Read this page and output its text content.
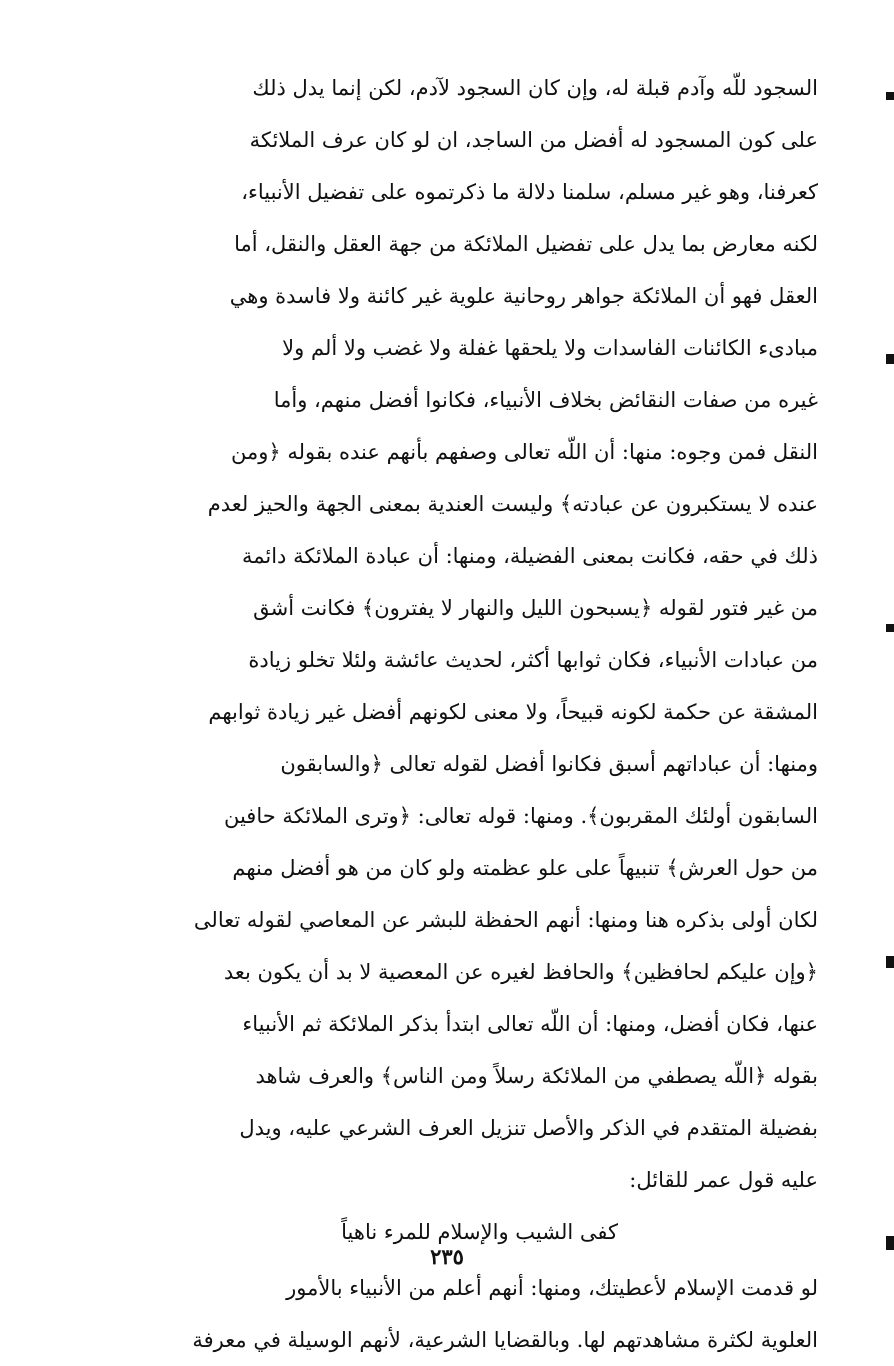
السجود للّه وآدم قبلة له، وإن كان السجود لآدم، لكن إنما يدل ذلك
على كون المسجود له أفضل من الساجد، ان لو كان عرف الملائكة
كعرفنا، وهو غير مسلم، سلمنا دلالة ما ذكرتموه على تفضيل الأنبياء،
لكنه معارض بما يدل على تفضيل الملائكة من جهة العقل والنقل، أما
العقل فهو أن الملائكة جواهر روحانية علوية غير كائنة ولا فاسدة وهي
مبادىء الكائنات الفاسدات ولا يلحقها غفلة ولا غضب ولا ألم ولا
غيره من صفات النقائض بخلاف الأنبياء، فكانوا أفضل منهم، وأما
النقل فمن وجوه: منها: أن اللّه تعالى وصفهم بأنهم عنده بقوله ﴿ومن
عنده لا يستكبرون عن عبادته﴾ وليست العندية بمعنى الجهة والحيز لعدم
ذلك في حقه، فكانت بمعنى الفضيلة، ومنها: أن عبادة الملائكة دائمة
من غير فتور لقوله ﴿يسبحون الليل والنهار لا يفترون﴾ فكانت أشق
من عبادات الأنبياء، فكان ثوابها أكثر، لحديث عائشة ولئلا تخلو زيادة
المشقة عن حكمة لكونه قبيحاً، ولا معنى لكونهم أفضل غير زيادة ثوابهم
ومنها: أن عباداتهم أسبق فكانوا أفضل لقوله تعالى ﴿والسابقون
السابقون أولئك المقربون﴾. ومنها: قوله تعالى: ﴿وترى الملائكة حافين
من حول العرش﴾ تنبيهاً على علو عظمته ولو كان من هو أفضل منهم
لكان أولى بذكره هنا ومنها: أنهم الحفظة للبشر عن المعاصي لقوله تعالى
﴿وإن عليكم لحافظين﴾ والحافظ لغيره عن المعصية لا بد أن يكون بعد
عنها، فكان أفضل، ومنها: أن اللّه تعالى ابتدأ بذكر الملائكة ثم الأنبياء
بقوله ﴿اللّه يصطفي من الملائكة رسلاً ومن الناس﴾ والعرف شاهد
بفضيلة المتقدم في الذكر والأصل تنزيل العرف الشرعي عليه، ويدل
عليه قول عمر للقائل:
كفى الشيب والإسلام للمرء ناهياً
لو قدمت الإسلام لأعطيتك، ومنها: أنهم أعلم من الأنبياء بالأمور
العلوية لكثرة مشاهدتهم لها. وبالقضايا الشرعية، لأنهم الوسيلة في معرفة
٢٣٥
